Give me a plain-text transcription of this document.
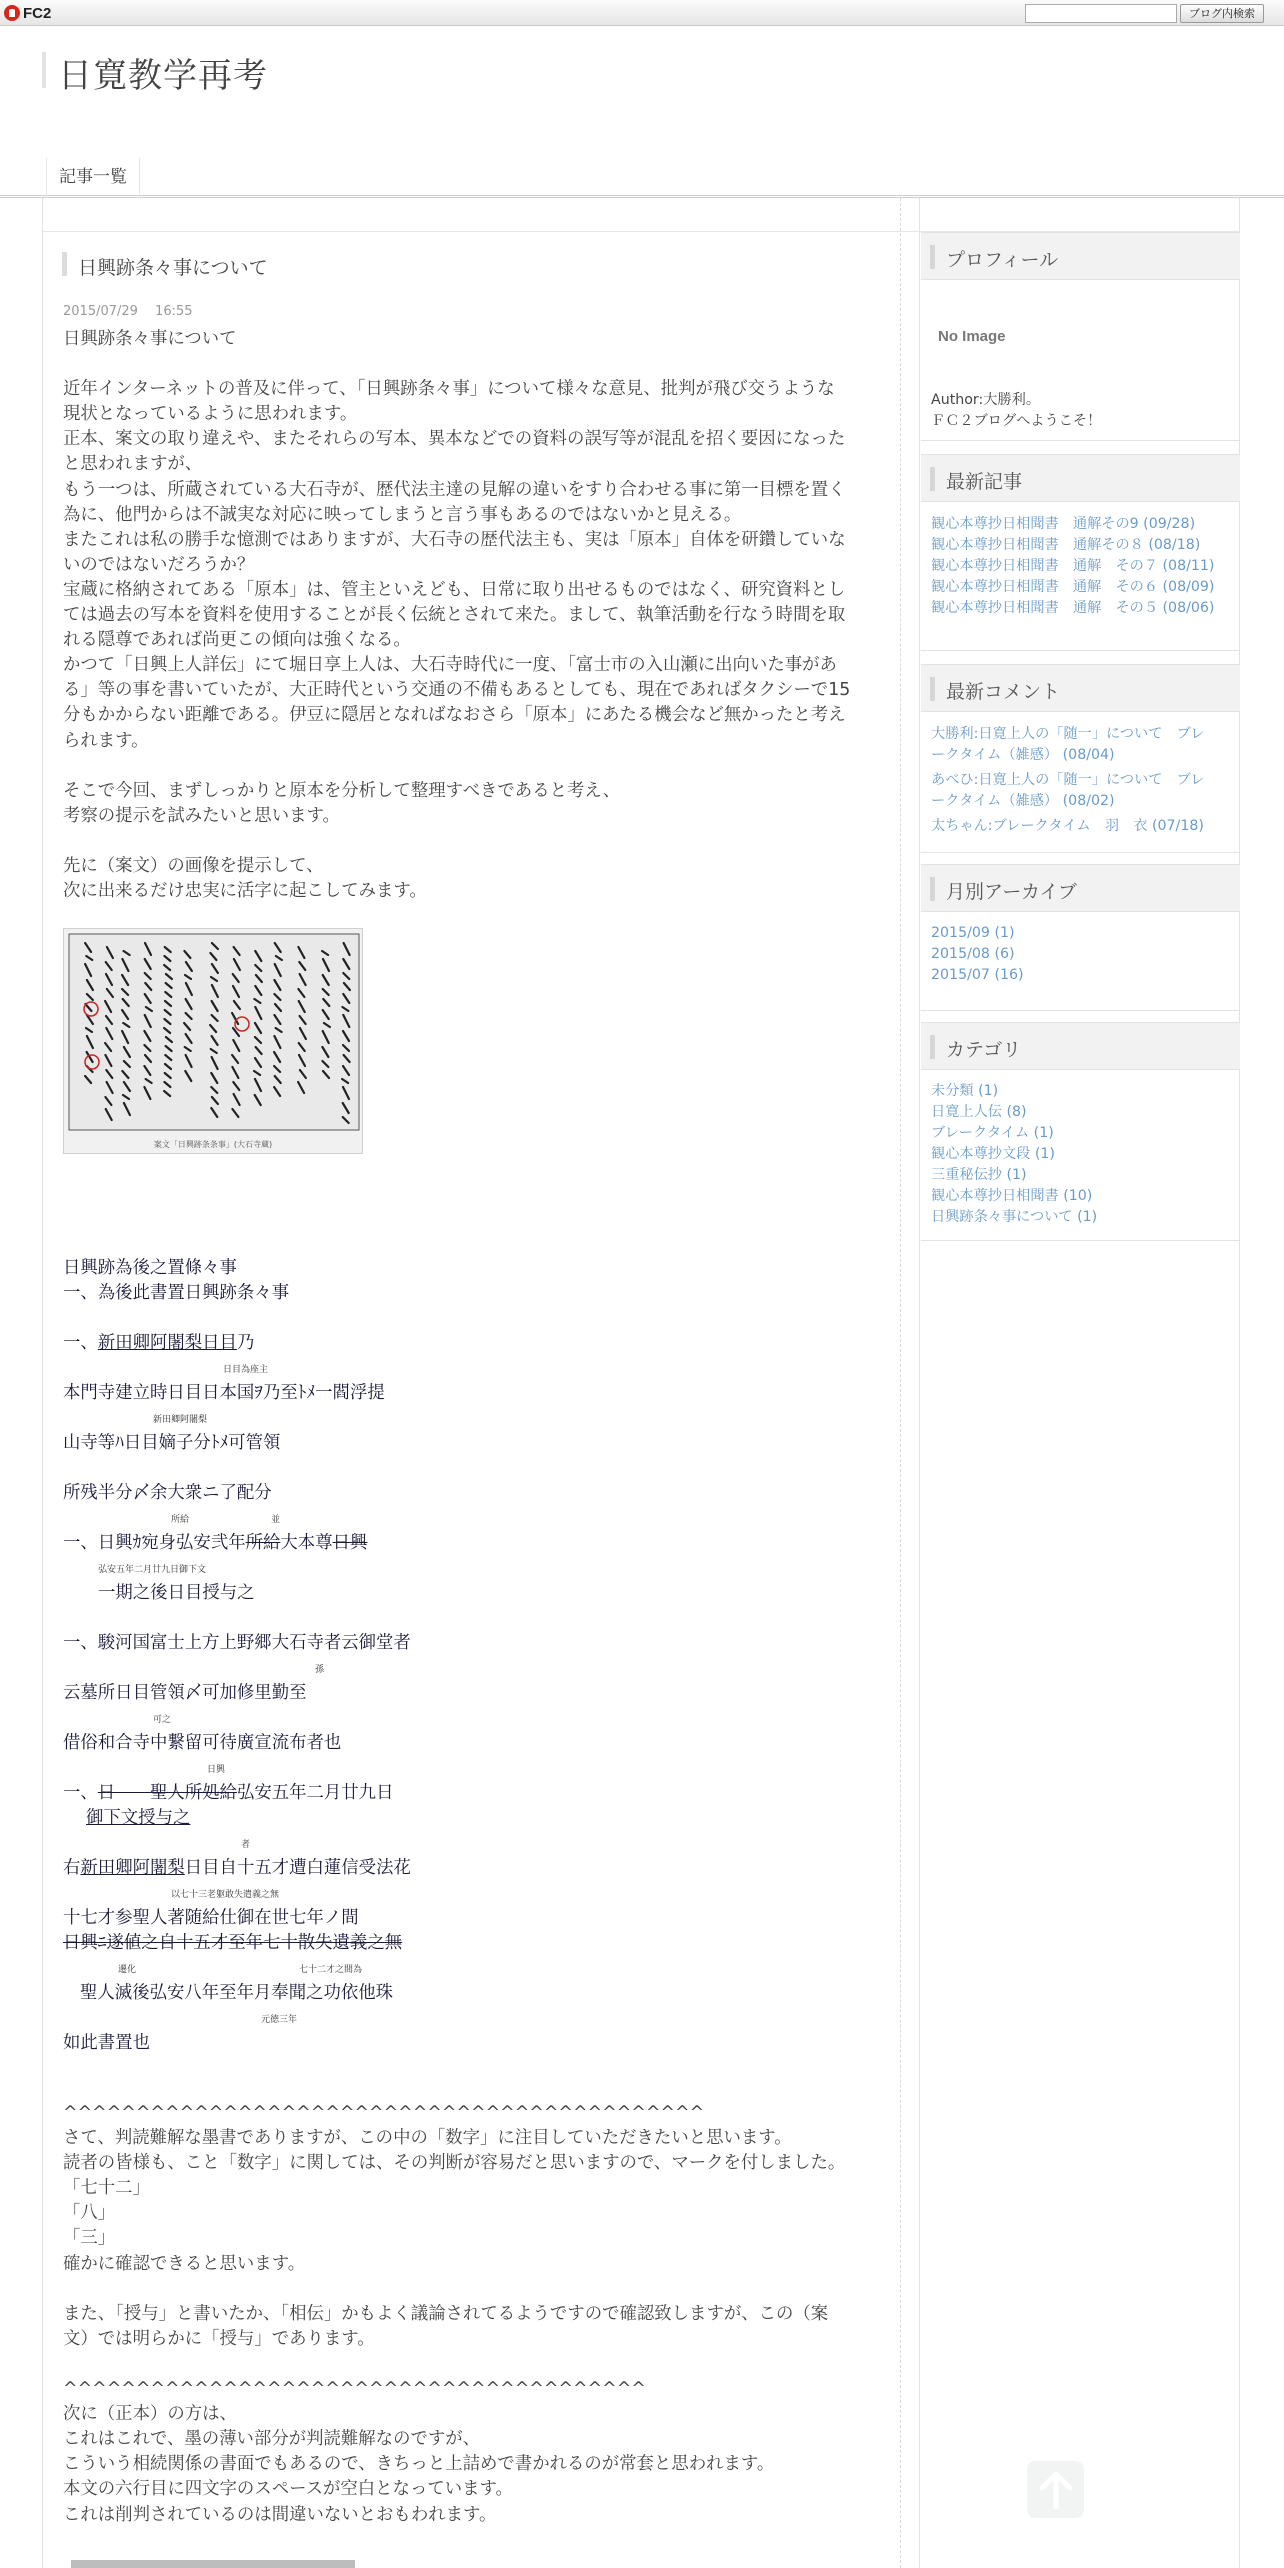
FC2	ブログ内検索
日寛教学再考
記事一覧
日興跡条々事について
2015/07/29　 16:55
日興跡条々事について
近年インターネットの普及に伴って、「日興跡条々事」について様々な意見、批判が飛び交うような
現状となっているように思われます。
正本、案文の取り違えや、またそれらの写本、異本などでの資料の誤写等が混乱を招く要因になった
と思われますが、
もう一つは、所蔵されている大石寺が、歴代法主達の見解の違いをすり合わせる事に第一目標を置く
為に、他門からは不誠実な対応に映ってしまうと言う事もあるのではないかと見える。
またこれは私の勝手な憶測ではありますが、大石寺の歴代法主も、実は「原本」自体を研鑽していな
いのではないだろうか？
宝蔵に格納されてある「原本」は、管主といえども、日常に取り出せるものではなく、研究資料とし
ては過去の写本を資料を使用することが長く伝統とされて来た。まして、執筆活動を行なう時間を取
れる隠尊であれば尚更この傾向は強くなる。
かつて「日興上人詳伝」にて堀日享上人は、大石寺時代に一度、「富士市の入山瀬に出向いた事があ
る」等の事を書いていたが、大正時代という交通の不備もあるとしても、現在であればタクシーで15
分もかからない距離である。伊豆に隠居となればなおさら「原本」にあたる機会など無かったと考え
られます。
そこで今回、まずしっかりと原本を分析して整理すべきであると考え、
考察の提示を試みたいと思います。
先に（案文）の画像を提示して、
次に出来るだけ忠実に活字に起こしてみます。
案文「日興跡条条事」(大石寺蔵)
日興跡為後之置條々事
一、為後此書置日興跡条々事
一、新田卿阿闍梨日目乃
日目為座主
本門寺建立時日目日本国ｦ乃至ﾄﾒ一閻浮提
新田卿阿闍梨
山寺等ﾊ日目嫡子分ﾄﾒ可管領
所残半分〆余大衆ニ了配分
所給	並
一、日興ｶ宛身弘安弐年所給大本尊日興
弘安五年二月廿九日御下文
一期之後日目授与之
一、駿河国富士上方上野郷大石寺者云御堂者
孫
云墓所日目管領〆可加修里勤至
可之
借俗和合寺中繋留可待廣宣流布者也
日興
一、日　　聖人所処給弘安五年二月廿九日
御下文授与之
者
右新田卿阿闍梨日目自十五才遭白蓮信受法花
以七十三老躯敢失遣義之無
十七才参聖人著随給仕御在世七年ノ間
日興ﾆ遂値之自十五才至年七十散失遺義之無
遷化	七十二才之間為
聖人滅後弘安八年至年月奉聞之功依他珠
元徳三年
如此書置也
^^^^^^^^^^^^^^^^^^^^^^^^^^^^^^^^^^^^^^^^^^^^
さて、判読難解な墨書でありますが、この中の「数字」に注目していただきたいと思います。
読者の皆様も、こと「数字」に関しては、その判断が容易だと思いますので、マークを付しました。
「七十二」
「八」
「三」
確かに確認できると思います。
また、「授与」と書いたか、「相伝」かもよく議論されてるようですので確認致しますが、この（案
文）では明らかに「授与」であります。
^^^^^^^^^^^^^^^^^^^^^^^^^^^^^^^^^^^^^^^^
次に（正本）の方は、
これはこれで、墨の薄い部分が判読難解なのですが、
こういう相続関係の書面でもあるので、きちっと上詰めで書かれるのが常套と思われます。
本文の六行目に四文字のスペースが空白となっています。
これは削判されているのは間違いないとおもわれます。
プロフィール
No Image
Author:大勝利。
ＦＣ２ブログへようこそ！
最新記事
観心本尊抄日相聞書　通解その9 (09/28)
観心本尊抄日相聞書　通解その８ (08/18)
観心本尊抄日相聞書　通解　その７ (08/11)
観心本尊抄日相聞書　通解　その６ (08/09)
観心本尊抄日相聞書　通解　その５ (08/06)
最新コメント
大勝利:日寛上人の「随一」について　ブレ
ークタイム（雑感） (08/04)
あべひ:日寛上人の「随一」について　ブレ
ークタイム（雑感） (08/02)
太ちゃん:ブレークタイム　羽　衣 (07/18)
月別アーカイブ
2015/09 (1)
2015/08 (6)
2015/07 (16)
カテゴリ
未分類 (1)
日寛上人伝 (8)
ブレークタイム (1)
観心本尊抄文段 (1)
三重秘伝抄 (1)
観心本尊抄日相聞書 (10)
日興跡条々事について (1)
